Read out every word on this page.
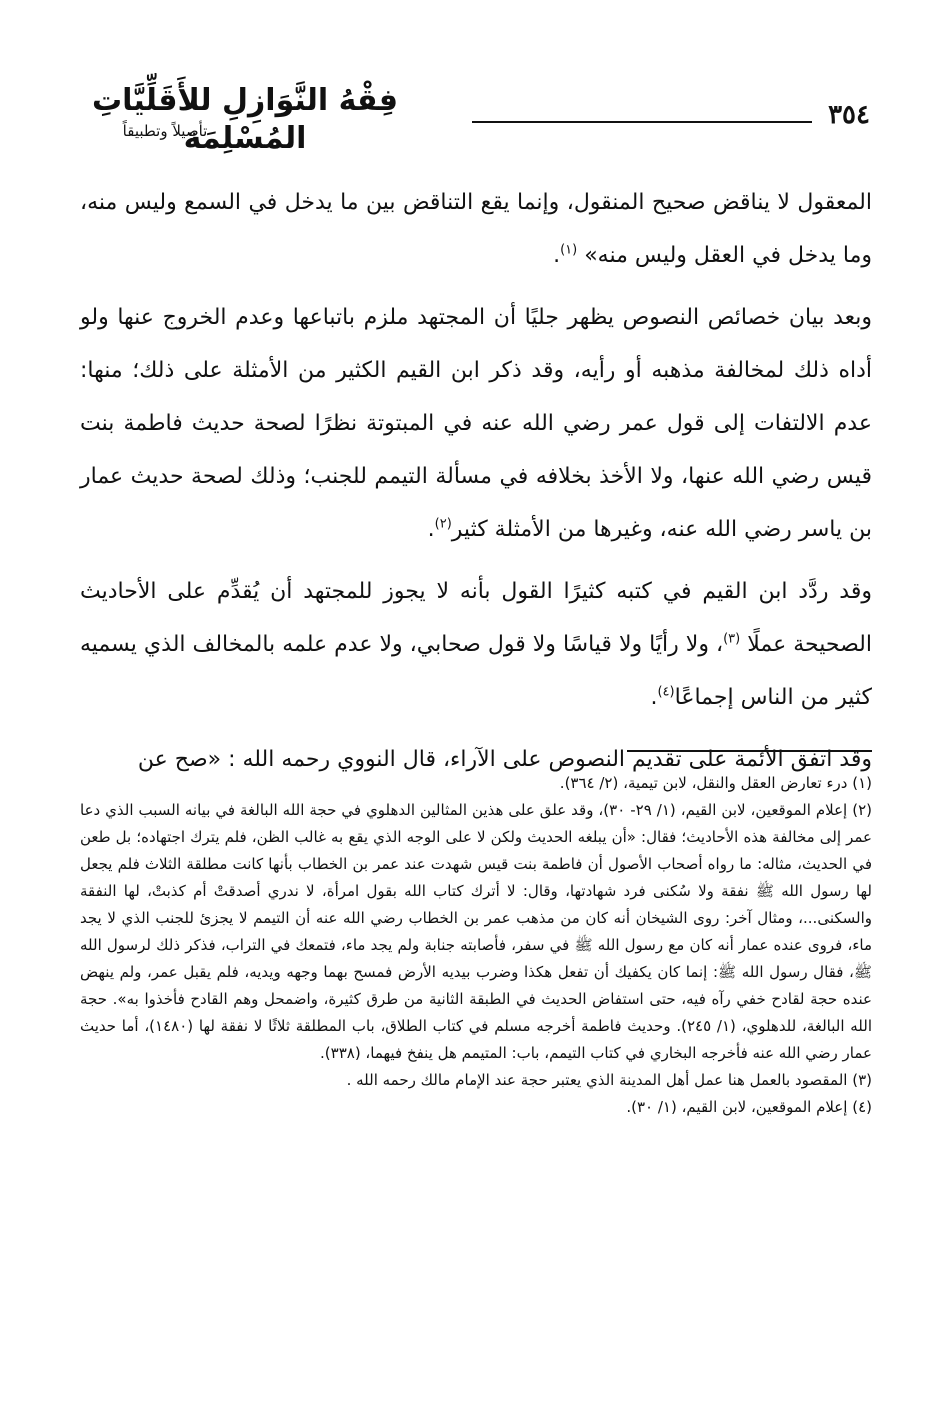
٣٥٤
فِقْهُ النَّوَازِلِ للأَقَلِّيَّاتِ المُسْلِمَة
تأصيلاً وتطبيقاً

المعقول لا يناقض صحيح المنقول، وإنما يقع التناقض بين ما يدخل في السمع وليس منه، وما يدخل في العقل وليس منه» $^{(١)}$.

وبعد بيان خصائص النصوص يظهر جليًا أن المجتهد ملزم باتباعها وعدم الخروج عنها ولو أداه ذلك لمخالفة مذهبه أو رأيه، وقد ذكر ابن القيم الكثير من الأمثلة على ذلك؛ منها: عدم الالتفات إلى قول عمر رضي الله عنه في المبتوتة نظرًا لصحة حديث فاطمة بنت قيس رضي الله عنها، ولا الأخذ بخلافه في مسألة التيمم للجنب؛ وذلك لصحة حديث عمار بن ياسر رضي الله عنه، وغيرها من الأمثلة كثير$^{(٢)}$.

وقد ردَّد ابن القيم في كتبه كثيرًا القول بأنه لا يجوز للمجتهد أن يُقدِّم على الأحاديث الصحيحة عملًا $^{(٣)}$، ولا رأيًا ولا قياسًا ولا قول صحابي، ولا عدم علمه بالمخالف الذي يسميه كثير من الناس إجماعًا$^{(٤)}$.

وقد اتفق الأئمة على تقديم النصوص على الآراء، قال النووي رحمه الله : «صح عن

(١) درء تعارض العقل والنقل، لابن تيمية، (٢/ ٣٦٤).

(٢) إعلام الموقعين، لابن القيم، (١/ ٢٩- ٣٠)، وقد علق على هذين المثالين الدهلوي في حجة الله البالغة في بيانه السبب الذي دعا عمر إلى مخالفة هذه الأحاديث؛ فقال: «أن يبلغه الحديث ولكن لا على الوجه الذي يقع به غالب الظن، فلم يترك اجتهاده؛ بل طعن في الحديث، مثاله: ما رواه أصحاب الأصول أن فاطمة بنت قيس شهدت عند عمر بن الخطاب بأنها كانت مطلقة الثلاث فلم يجعل لها رسول الله ﷺ نفقة ولا سُكنى فرد شهادتها، وقال: لا أترك كتاب الله بقول امرأة، لا ندري أصدقتْ أم كذبتْ، لها النفقة والسكنى...، ومثال آخر: روى الشيخان أنه كان من مذهب عمر بن الخطاب رضي الله عنه أن التيمم لا يجزئ للجنب الذي لا يجد ماء، فروى عنده عمار أنه كان مع رسول الله ﷺ في سفر، فأصابته جنابة ولم يجد ماء، فتمعك في التراب، فذكر ذلك لرسول الله ﷺ، فقال رسول الله ﷺ: إنما كان يكفيك أن تفعل هكذا وضرب بيديه الأرض فمسح بهما وجهه ويديه، فلم يقبل عمر، ولم ينهض عنده حجة لقادح خفي رآه فيه، حتى استفاض الحديث في الطبقة الثانية من طرق كثيرة، واضمحل وهم القادح فأخذوا به». حجة الله البالغة، للدهلوي، (١/ ٢٤٥). وحديث فاطمة أخرجه مسلم في كتاب الطلاق، باب المطلقة ثلاثًا لا نفقة لها (١٤٨٠)، أما حديث عمار رضي الله عنه فأخرجه البخاري في كتاب التيمم، باب: المتيمم هل ينفخ فيهما، (٣٣٨).

(٣) المقصود بالعمل هنا عمل أهل المدينة الذي يعتبر حجة عند الإمام مالك رحمه الله .

(٤) إعلام الموقعين، لابن القيم، (١/ ٣٠).
